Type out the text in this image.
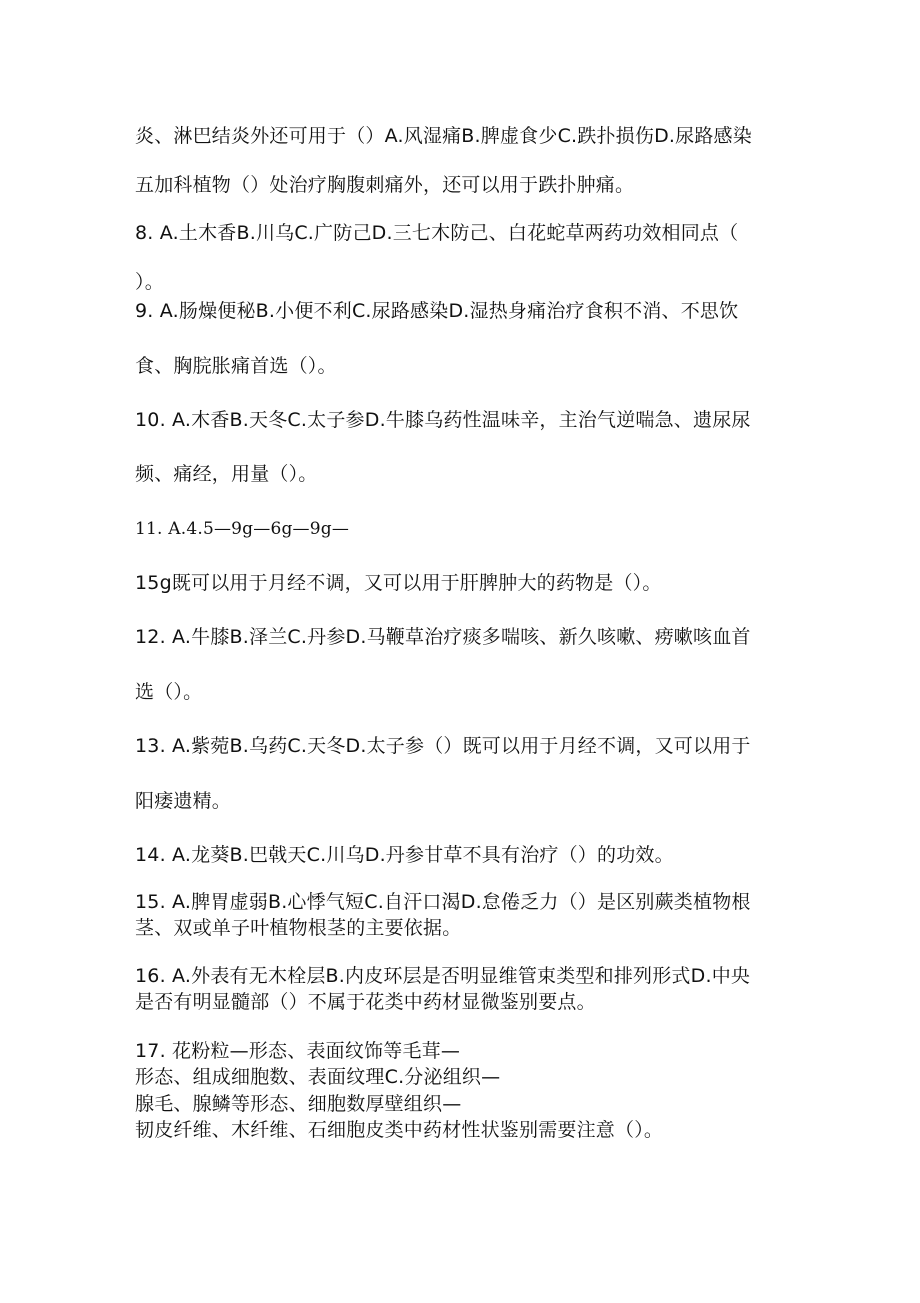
炎、淋巴结炎外还可用于（）A.风湿痛B.脾虚食少C.跌扑损伤D.尿路感染
五加科植物（）处治疗胸腹刺痛外，还可以用于跌扑肿痛。
8. A.土木香B.川乌C.广防己D.三七木防己、白花蛇草两药功效相同点（
）。
9. A.肠燥便秘B.小便不利C.尿路感染D.湿热身痛治疗食积不消、不思饮
食、胸脘胀痛首选（）。
10. A.木香B.天冬C.太子参D.牛膝乌药性温味辛，主治气逆喘急、遗尿尿
频、痛经，用量（）。
11. A.4.5—9g—6g—9g—
15g既可以用于月经不调，又可以用于肝脾肿大的药物是（）。
12. A.牛膝B.泽兰C.丹参D.马鞭草治疗痰多喘咳、新久咳嗽、痨嗽咳血首
选（）。
13. A.紫菀B.乌药C.天冬D.太子参（）既可以用于月经不调，又可以用于
阳痿遗精。
14. A.龙葵B.巴戟天C.川乌D.丹参甘草不具有治疗（）的功效。
15. A.脾胃虚弱B.心悸气短C.自汗口渴D.怠倦乏力（）是区别蕨类植物根
茎、双或单子叶植物根茎的主要依据。
16. A.外表有无木栓层B.内皮环层是否明显维管束类型和排列形式D.中央
是否有明显髓部（）不属于花类中药材显微鉴别要点。
17. 花粉粒—形态、表面纹饰等毛茸—
形态、组成细胞数、表面纹理C.分泌组织—
腺毛、腺鳞等形态、细胞数厚壁组织—
韧皮纤维、木纤维、石细胞皮类中药材性状鉴别需要注意（）。
